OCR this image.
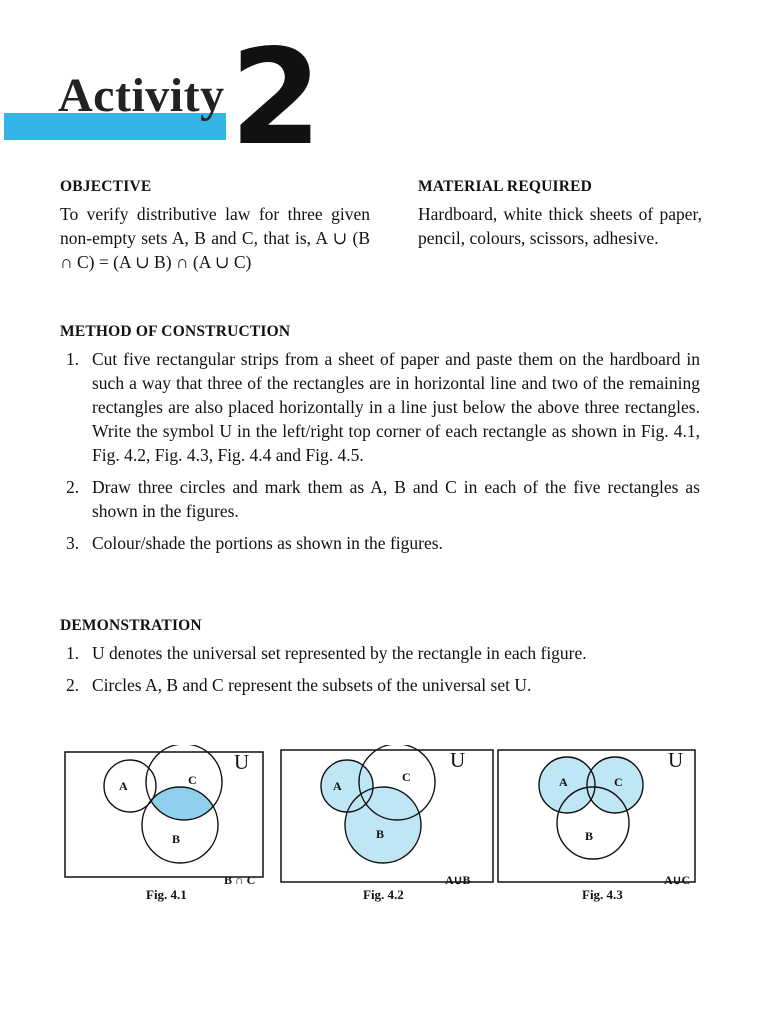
Activity 2
OBJECTIVE

To verify distributive law for three given non-empty sets A, B and C, that is, A ∪ (B ∩ C) = (A ∪ B) ∩ (A ∪ C)

MATERIAL REQUIRED

Hardboard, white thick sheets of paper, pencil, colours, scissors, adhesive.

METHOD OF CONSTRUCTION
1. Cut five rectangular strips from a sheet of paper and paste them on the hardboard in such a way that three of the rectangles are in horizontal line and two of the remaining rectangles are also placed horizontally in a line just below the above three rectangles. Write the symbol U in the left/right top corner of each rectangle as shown in Fig. 4.1, Fig. 4.2, Fig. 4.3, Fig. 4.4 and Fig. 4.5.
2. Draw three circles and mark them as A, B and C in each of the five rectangles as shown in the figures.
3. Colour/shade the portions as shown in the figures.
DEMONSTRATION
1. U denotes the universal set represented by the rectangle in each figure.
2. Circles A, B and C represent the subsets of the universal set U.
U
A	C
B
B ∩ C
Fig. 4.1
U
A
C
B
A∪B
Fig. 4.2
U
A	C
B
A∪C
Fig. 4.3
